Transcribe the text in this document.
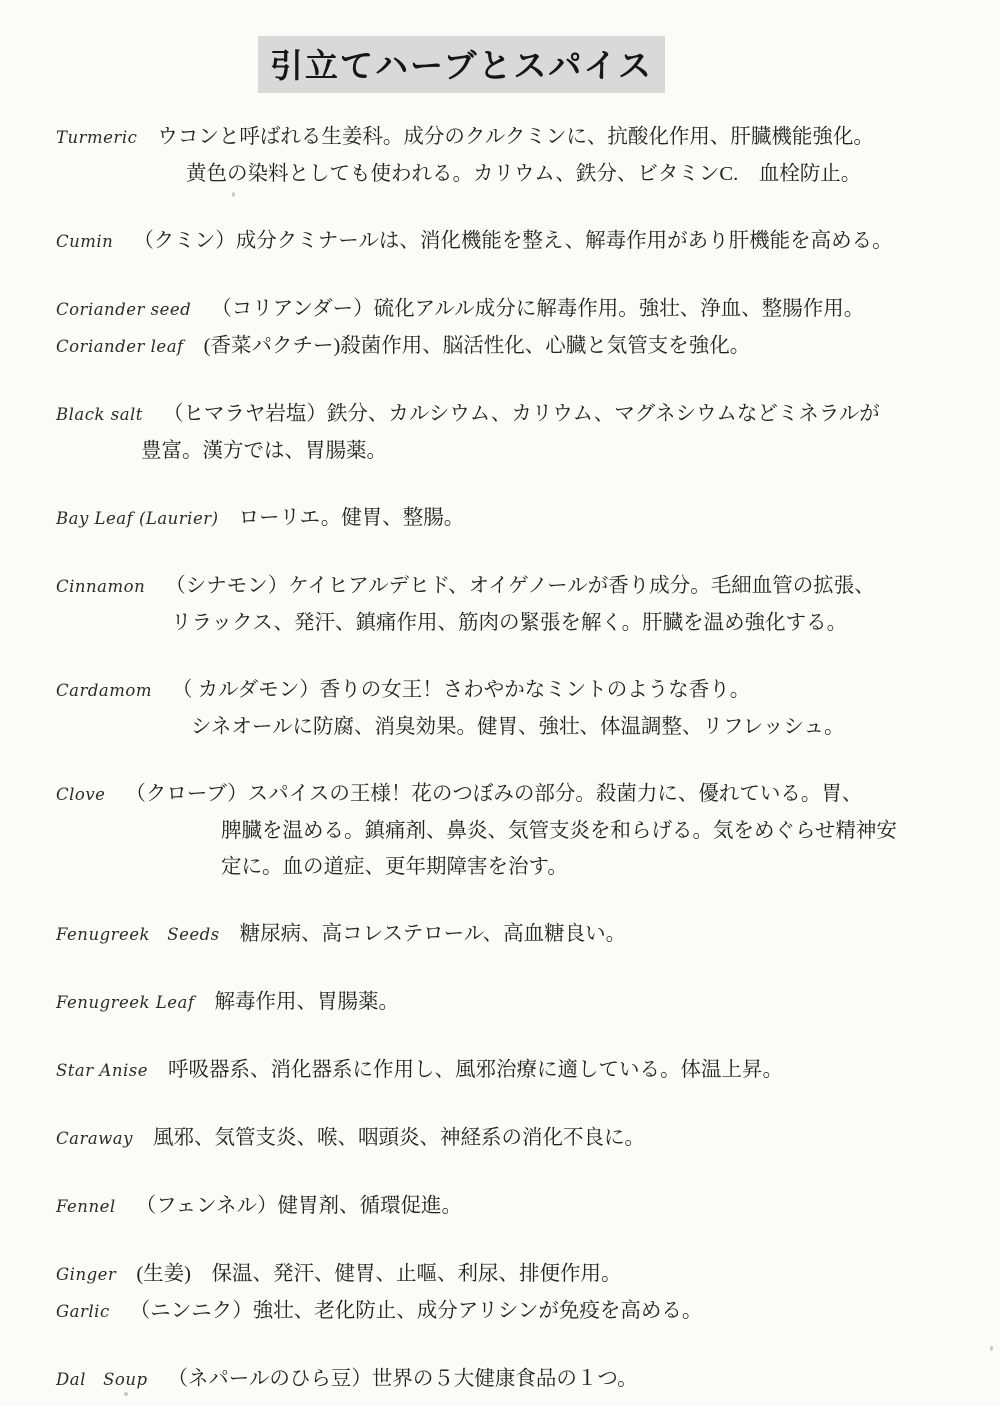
引立てハーブとスパイス
Turmeric ウコンと呼ばれる生姜科。成分のクルクミンに、抗酸化作用、肝臓機能強化。
黄色の染料としても使われる。カリウム、鉄分、ビタミンC.　血栓防止。
Cumin （クミン）成分クミナールは、消化機能を整え、解毒作用があり肝機能を高める。
Coriander seed （コリアンダー）硫化アルル成分に解毒作用。強壮、浄血、整腸作用。
Coriander leaf (香菜パクチー)殺菌作用、脳活性化、心臓と気管支を強化。
Black salt （ヒマラヤ岩塩）鉄分、カルシウム、カリウム、マグネシウムなどミネラルが
豊富。漢方では、胃腸薬。
Bay Leaf (Laurier) ローリエ。健胃、整腸。
Cinnamon （シナモン）ケイヒアルデヒド、オイゲノールが香り成分。毛細血管の拡張、
リラックス、発汗、鎮痛作用、筋肉の緊張を解く。肝臓を温め強化する。
Cardamom （ カルダモン）香りの女王！さわやかなミントのような香り。
シネオールに防腐、消臭効果。健胃、強壮、体温調整、リフレッシュ。
Clove （クローブ）スパイスの王様！花のつぼみの部分。殺菌力に、優れている。胃、
脾臓を温める。鎮痛剤、鼻炎、気管支炎を和らげる。気をめぐらせ精神安
定に。血の道症、更年期障害を治す。
Fenugreek   Seeds 糖尿病、高コレステロール、高血糖良い。
Fenugreek Leaf 解毒作用、胃腸薬。
Star Anise 呼吸器系、消化器系に作用し、風邪治療に適している。体温上昇。
Caraway 風邪、気管支炎、喉、咽頭炎、神経系の消化不良に。
Fennel （フェンネル）健胃剤、循環促進。
Ginger (生姜)　保温、発汗、健胃、止嘔、利尿、排便作用。
Garlic （ニンニク）強壮、老化防止、成分アリシンが免疫を高める。
Dal   Soup （ネパールのひら豆）世界の５大健康食品の１つ。
